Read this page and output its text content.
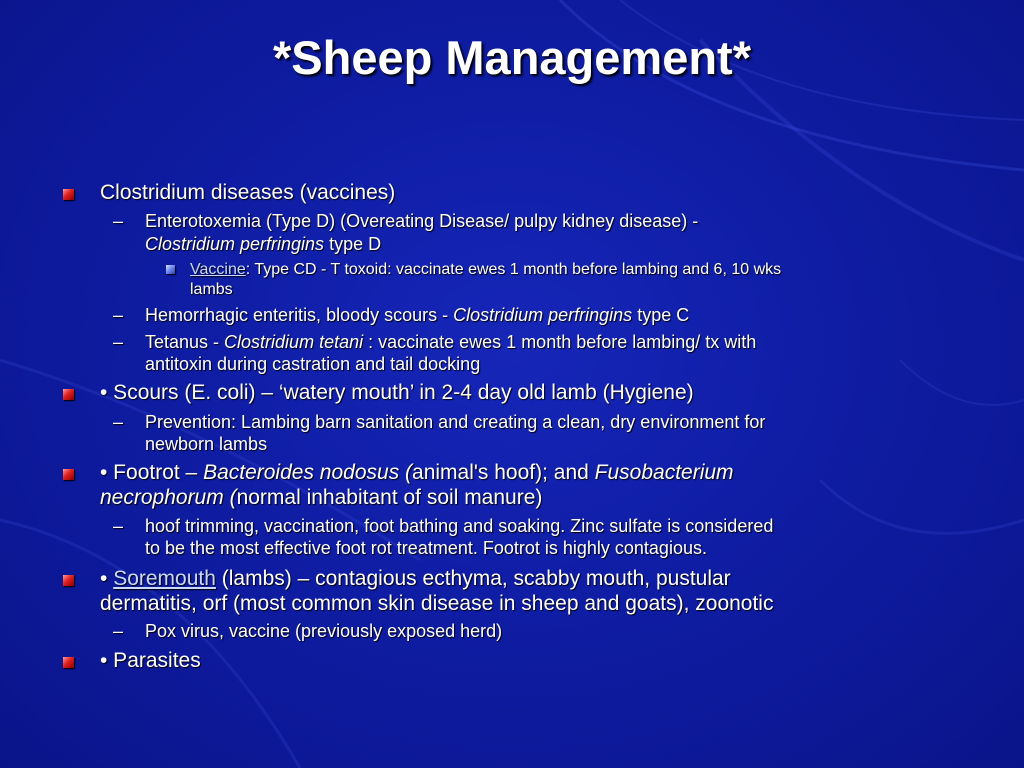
*Sheep Management*
Clostridium diseases (vaccines)
– Enterotoxemia (Type D) (Overeating Disease/ pulpy kidney disease) -
Clostridium perfringins type D
Vaccine: Type CD - T toxoid: vaccinate ewes 1 month before lambing and 6, 10 wks
lambs
– Hemorrhagic enteritis, bloody scours - Clostridium perfringins type C
– Tetanus - Clostridium tetani : vaccinate ewes 1 month before lambing/ tx with
antitoxin during castration and tail docking
• Scours (E. coli) – ‘watery mouth’ in 2-4 day old lamb (Hygiene)
– Prevention: Lambing barn sanitation and creating a clean, dry environment for
newborn lambs
• Footrot – Bacteroides nodosus (animal's hoof); and Fusobacterium
necrophorum (normal inhabitant of soil manure)
– hoof trimming, vaccination, foot bathing and soaking. Zinc sulfate is considered
to be the most effective foot rot treatment. Footrot is highly contagious.
• Soremouth (lambs) – contagious ecthyma, scabby mouth, pustular
dermatitis, orf (most common skin disease in sheep and goats), zoonotic
– Pox virus, vaccine (previously exposed herd)
• Parasites
